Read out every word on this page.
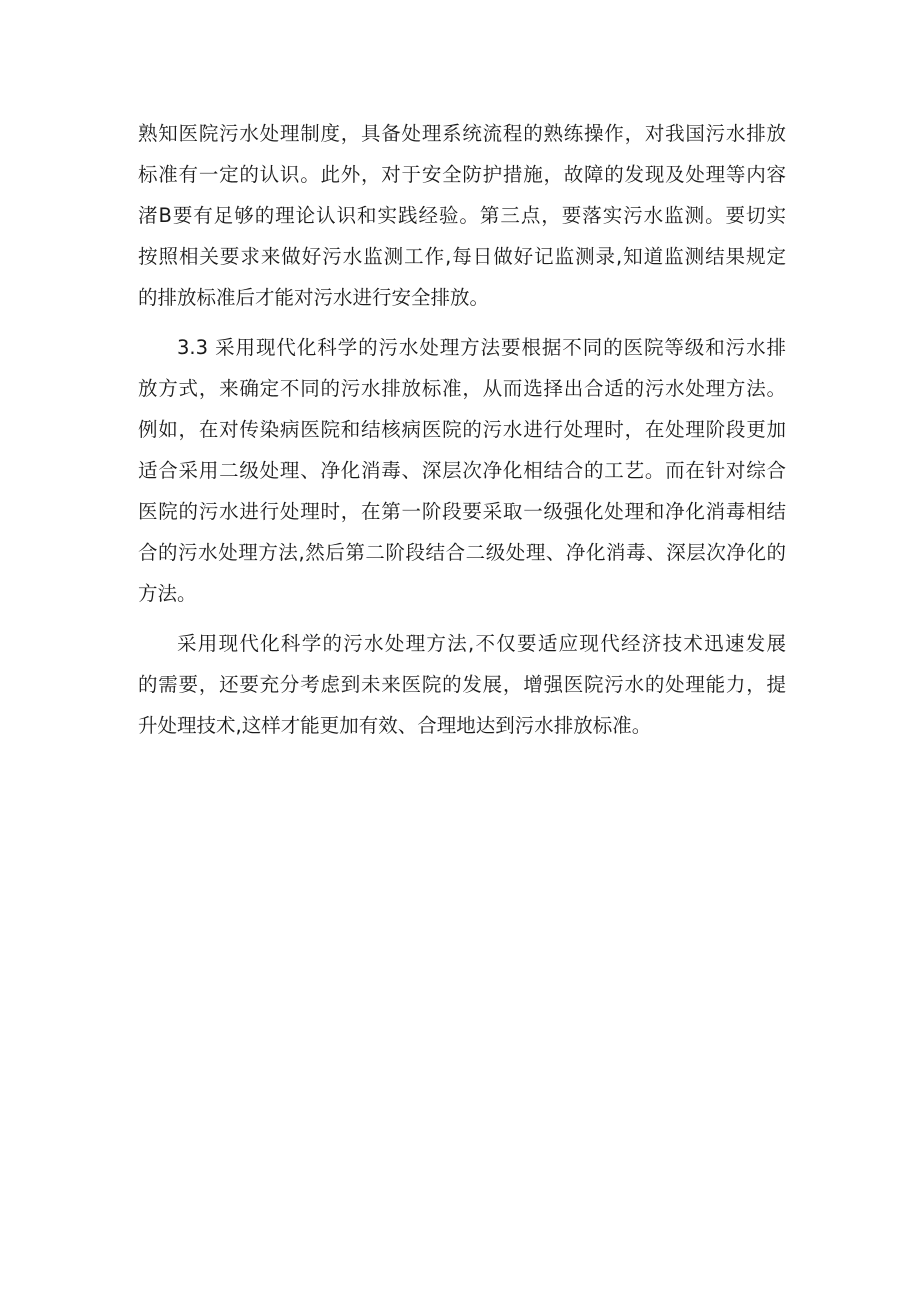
熟知医院污水处理制度，具备处理系统流程的熟练操作，对我国污水排放
标准有一定的认识。此外，对于安全防护措施，故障的发现及处理等内容
渚B要有足够的理论认识和实践经验。第三点，要落实污水监测。要切实
按照相关要求来做好污水监测工作,每日做好记监测录,知道监测结果规定
的排放标准后才能对污水进行安全排放。
3.3 采用现代化科学的污水处理方法要根据不同的医院等级和污水排
放方式，来确定不同的污水排放标准，从而选择出合适的污水处理方法。
例如，在对传染病医院和结核病医院的污水进行处理时，在处理阶段更加
适合采用二级处理、净化消毒、深层次净化相结合的工艺。而在针对综合
医院的污水进行处理时，在第一阶段要采取一级强化处理和净化消毒相结
合的污水处理方法,然后第二阶段结合二级处理、净化消毒、深层次净化的
方法。
采用现代化科学的污水处理方法,不仅要适应现代经济技术迅速发展
的需要，还要充分考虑到未来医院的发展，增强医院污水的处理能力，提
升处理技术,这样才能更加有效、合理地达到污水排放标准。
